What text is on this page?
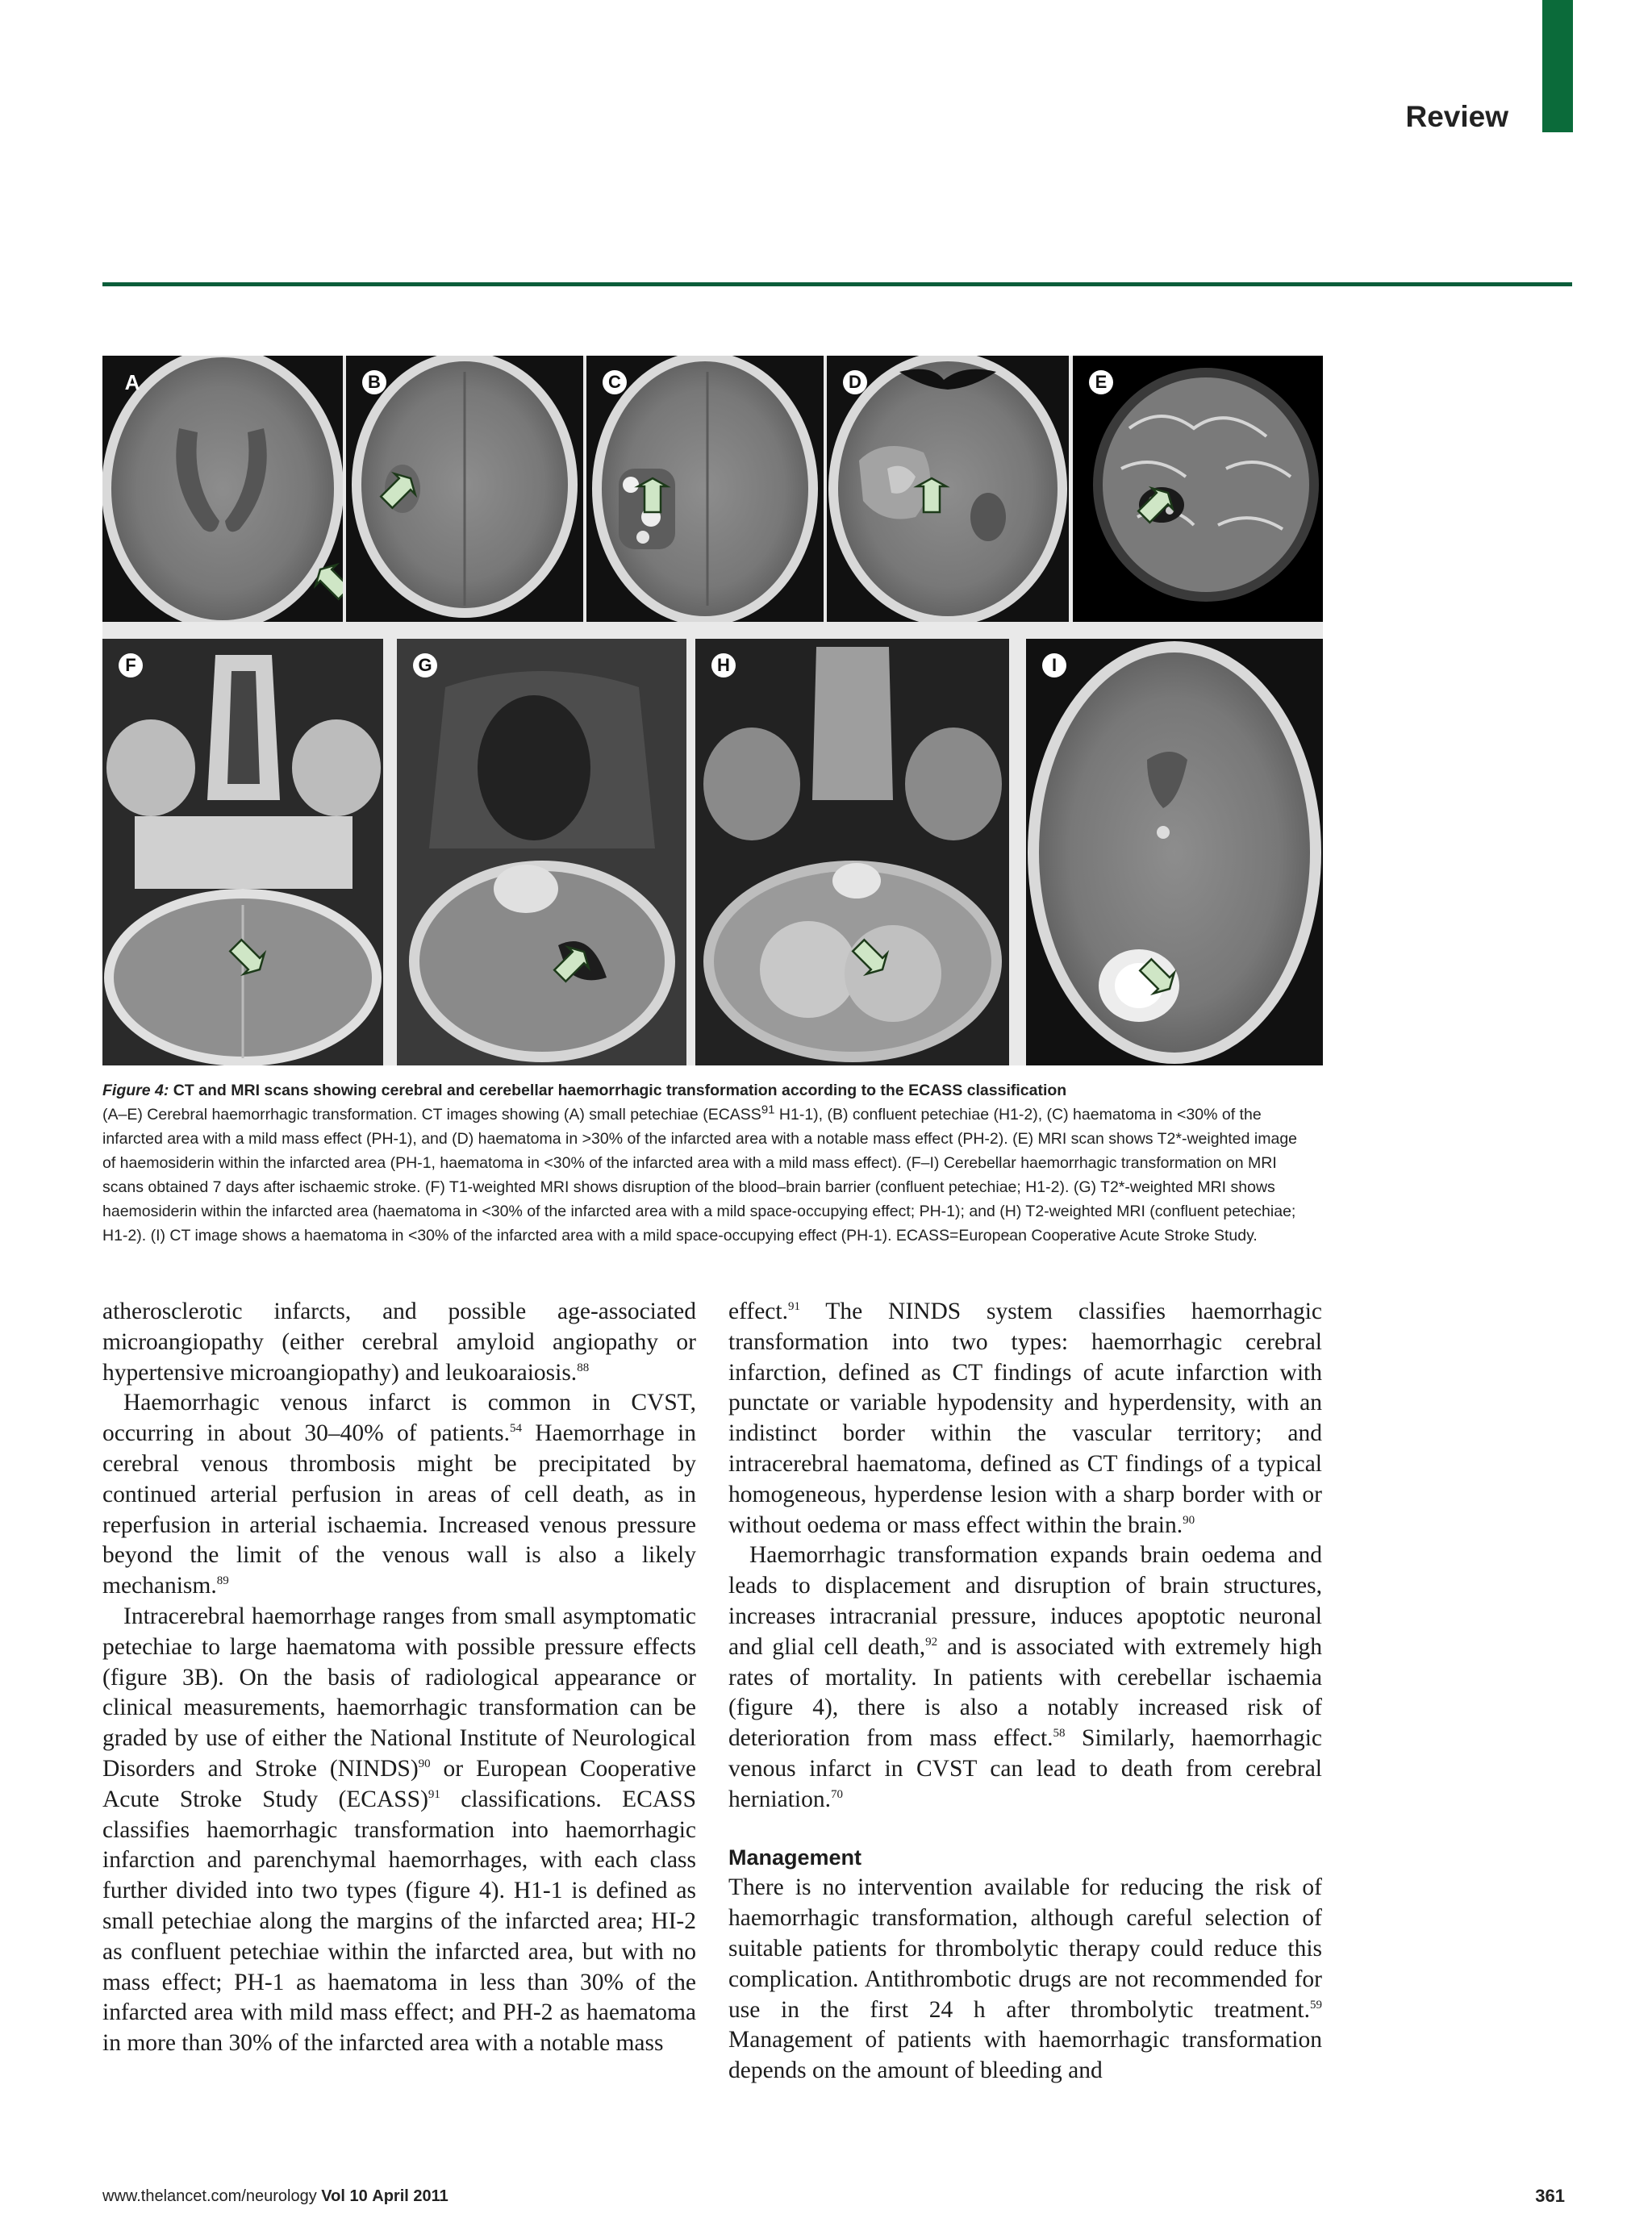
Review
A	B	C	D	E
F	G	H	I
Figure 4: CT and MRI scans showing cerebral and cerebellar haemorrhagic transformation according to the ECASS classification
(A–E) Cerebral haemorrhagic transformation. CT images showing (A) small petechiae (ECASS$^{91}$ H1-1), (B) confluent petechiae (H1-2), (C) haematoma in <30% of the infarcted area with a mild mass effect (PH-1), and (D) haematoma in >30% of the infarcted area with a notable mass effect (PH-2). (E) MRI scan shows T2*-weighted image of haemosiderin within the infarcted area (PH-1, haematoma in <30% of the infarcted area with a mild mass effect). (F–I) Cerebellar haemorrhagic transformation on MRI scans obtained 7 days after ischaemic stroke. (F) T1-weighted MRI shows disruption of the blood–brain barrier (confluent petechiae; H1-2). (G) T2*-weighted MRI shows haemosiderin within the infarcted area (haematoma in <30% of the infarcted area with a mild space-occupying effect; PH-1); and (H) T2-weighted MRI (confluent petechiae; H1-2). (I) CT image shows a haematoma in <30% of the infarcted area with a mild space-occupying effect (PH-1). ECASS=European Cooperative Acute Stroke Study.

atherosclerotic infarcts, and possible age-associated microangiopathy (either cerebral amyloid angiopathy or hypertensive microangiopathy) and leukoaraiosis.$^{88}$

Haemorrhagic venous infarct is common in CVST, occurring in about 30–40% of patients.$^{54}$ Haemorrhage in cerebral venous thrombosis might be precipitated by continued arterial perfusion in areas of cell death, as in reperfusion in arterial ischaemia. Increased venous pressure beyond the limit of the venous wall is also a likely mechanism.$^{89}$

Intracerebral haemorrhage ranges from small asymptomatic petechiae to large haematoma with possible pressure effects (figure 3B). On the basis of radiological appearance or clinical measurements, haemorrhagic transformation can be graded by use of either the National Institute of Neurological Disorders and Stroke (NINDS)$^{90}$ or European Cooperative Acute Stroke Study (ECASS)$^{91}$ classifications. ECASS classifies haemorrhagic transformation into haemorrhagic infarction and parenchymal haemorrhages, with each class further divided into two types (figure 4). H1-1 is defined as small petechiae along the margins of the infarcted area; HI-2 as confluent petechiae within the infarcted area, but with no mass effect; PH-1 as haematoma in less than 30% of the infarcted area with mild mass effect; and PH-2 as haematoma in more than 30% of the infarcted area with a notable mass

effect.$^{91}$ The NINDS system classifies haemorrhagic transformation into two types: haemorrhagic cerebral infarction, defined as CT findings of acute infarction with punctate or variable hypodensity and hyperdensity, with an indistinct border within the vascular territory; and intracerebral haematoma, defined as CT findings of a typical homogeneous, hyperdense lesion with a sharp border with or without oedema or mass effect within the brain.$^{90}$

Haemorrhagic transformation expands brain oedema and leads to displacement and disruption of brain structures, increases intracranial pressure, induces apoptotic neuronal and glial cell death,$^{92}$ and is associated with extremely high rates of mortality. In patients with cerebellar ischaemia (figure 4), there is also a notably increased risk of deterioration from mass effect.$^{58}$ Similarly, haemorrhagic venous infarct in CVST can lead to death from cerebral herniation.$^{70}$

Management

There is no intervention available for reducing the risk of haemorrhagic transformation, although careful selection of suitable patients for thrombolytic therapy could reduce this complication. Antithrombotic drugs are not recommended for use in the first 24 h after thrombolytic treatment.$^{59}$ Management of patients with haemorrhagic transformation depends on the amount of bleeding and

www.thelancet.com/neurology Vol 10 April 2011	361
